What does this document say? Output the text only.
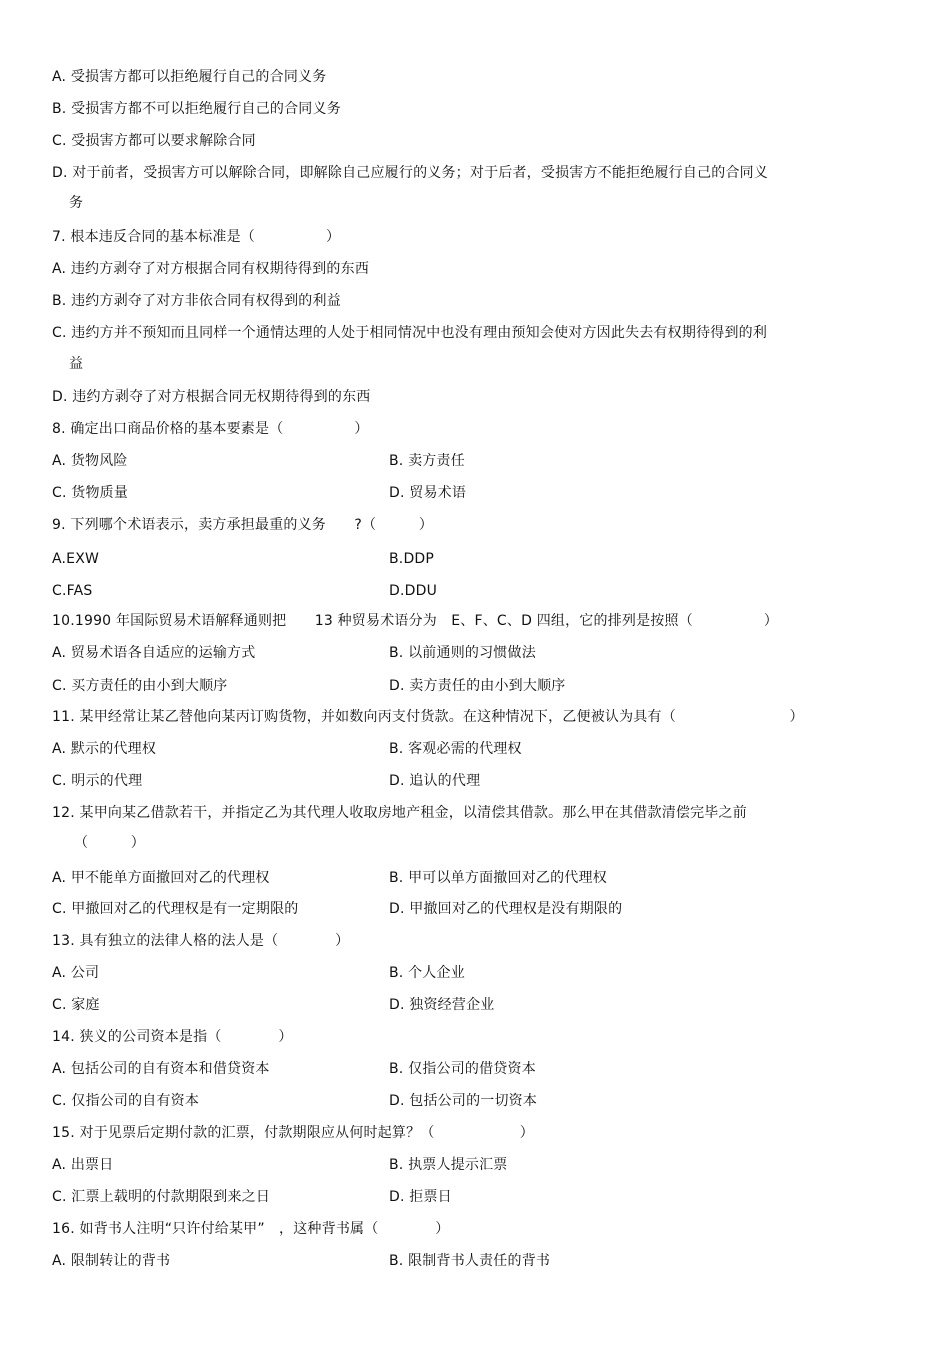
A. 受损害方都可以拒绝履行自己的合同义务
B. 受损害方都不可以拒绝履行自己的合同义务
C. 受损害方都可以要求解除合同
D. 对于前者，受损害方可以解除合同，即解除自己应履行的义务；对于后者，受损害方不能拒绝履行自己的合同义
务
7. 根本违反合同的基本标准是（　　　　　）
A. 违约方剥夺了对方根据合同有权期待得到的东西
B. 违约方剥夺了对方非依合同有权得到的利益
C. 违约方并不预知而且同样一个通情达理的人处于相同情况中也没有理由预知会使对方因此失去有权期待得到的利
益
D. 违约方剥夺了对方根据合同无权期待得到的东西
8. 确定出口商品价格的基本要素是（　　　　　）
A. 货物风险	B. 卖方责任
C. 货物质量	D. 贸易术语
9. 下列哪个术语表示，卖方承担最重的义务　　?（　　　）
A.EXW	B.DDP
C.FAS	D.DDU
10.1990 年国际贸易术语解释通则把　　13 种贸易术语分为　E、F、C、D 四组，它的排列是按照（　　　　　）
A. 贸易术语各自适应的运输方式	B. 以前通则的习惯做法
C. 买方责任的由小到大顺序	D. 卖方责任的由小到大顺序
11. 某甲经常让某乙替他向某丙订购货物，并如数向丙支付货款。在这种情况下，乙便被认为具有（　　　　　　　　）
A. 默示的代理权	B. 客观必需的代理权
C. 明示的代理	D. 追认的代理
12. 某甲向某乙借款若干，并指定乙为其代理人收取房地产租金，以清偿其借款。那么甲在其借款清偿完毕之前
（　　　）
A. 甲不能单方面撤回对乙的代理权	B. 甲可以单方面撤回对乙的代理权
C. 甲撤回对乙的代理权是有一定期限的	D. 甲撤回对乙的代理权是没有期限的
13. 具有独立的法律人格的法人是（　　　　）
A. 公司	B. 个人企业
C. 家庭	D. 独资经营企业
14. 狭义的公司资本是指（　　　　）
A. 包括公司的自有资本和借贷资本	B. 仅指公司的借贷资本
C. 仅指公司的自有资本	D. 包括公司的一切资本
15. 对于见票后定期付款的汇票，付款期限应从何时起算？（　　　　　　）
A. 出票日	B. 执票人提示汇票
C. 汇票上载明的付款期限到来之日	D. 拒票日
16. 如背书人注明“只许付给某甲”　，这种背书属（　　　　）
A. 限制转让的背书	B. 限制背书人责任的背书
